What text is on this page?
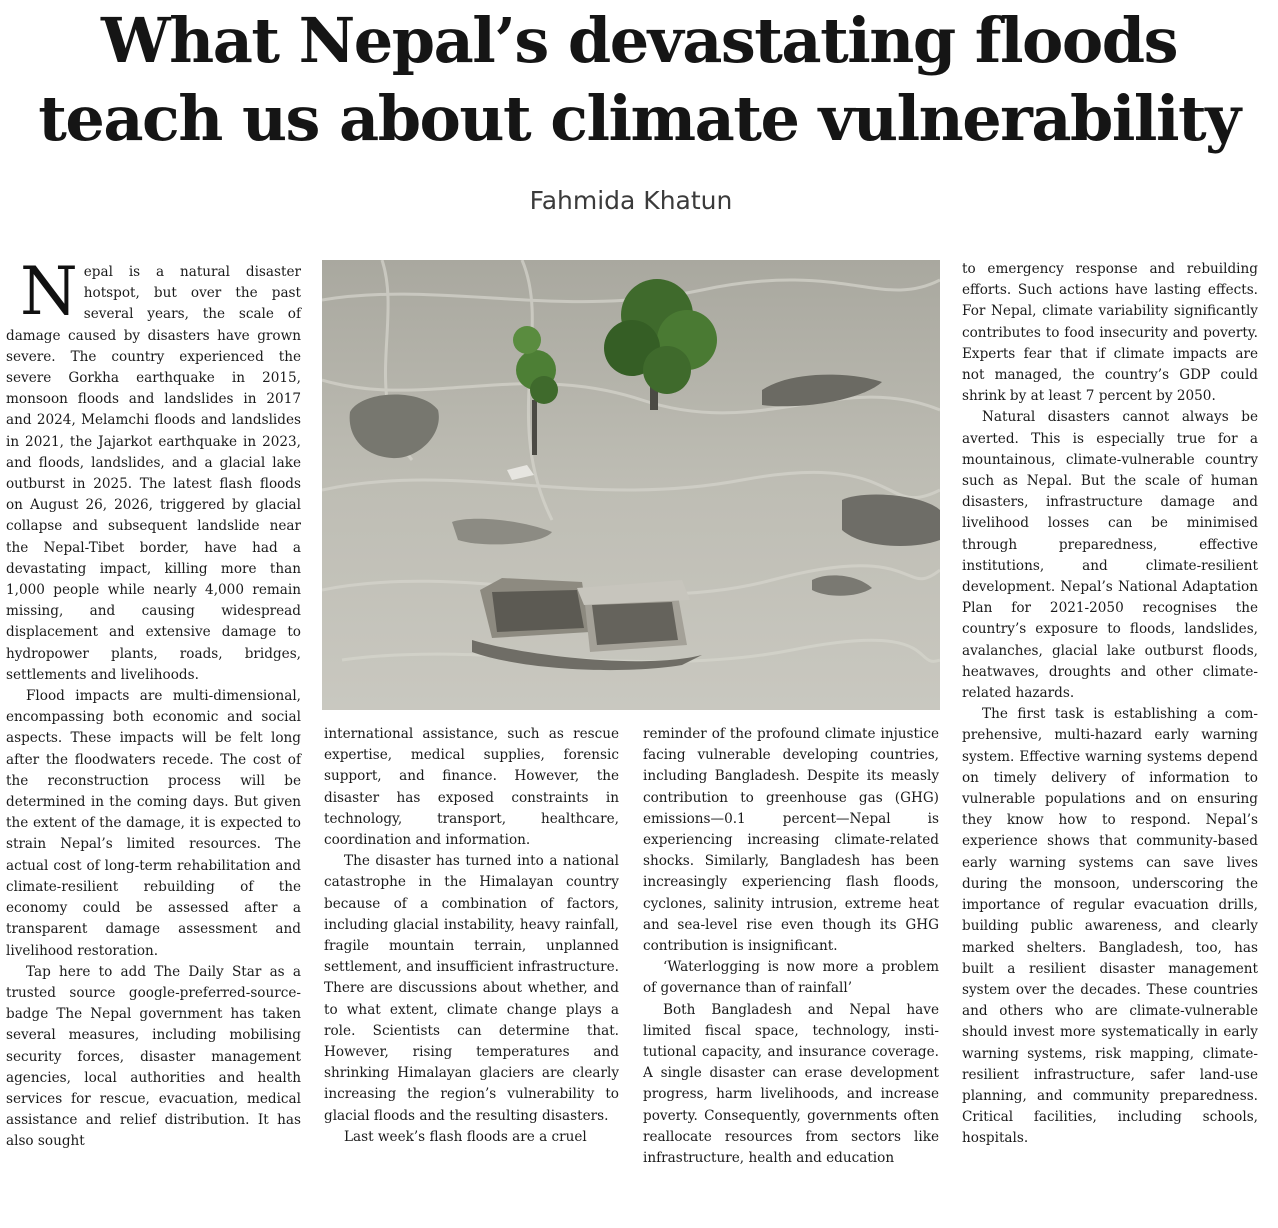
What Nepal’s devastating floods
teach us about climate vulnerability
Fahmida Khatun

Nepal is a natural disaster hotspot, but over the past several years, the scale of damage caused by disasters have grown severe. The country experienced the severe Gorkha earthquake in 2015, monsoon floods and landslides in 2017 and 2024, Melamchi floods and landslides in 2021, the Jajarkot earthquake in 2023, and floods, landslides, and a glacial lake outburst in 2025. The latest flash floods on August 26, 2026, triggered by glacial collapse and subsequent landslide near the Nepal-Tibet border, have had a devastating impact, killing more than 1,000 people while nearly 4,000 remain missing, and causing widespread displacement and extensive damage to hydropower plants, roads, bridges, settlements and livelihoods.

Flood impacts are multi-dimensional, encompassing both economic and social aspects. These impacts will be felt long after the floodwaters recede. The cost of the reconstruction process will be determined in the coming days. But given the extent of the damage, it is expected to strain Nepal’s limited resources. The actual cost of long-term rehabilitation and climate-resilient rebuilding of the economy could be assessed after a transparent damage assessment and livelihood restoration.

Tap here to add The Daily Star as a trusted source google-preferred-source-badge The Nepal government has taken several measures, including mobilising security forces, disaster management agencies, local authorities and health services for rescue, evacuation, medical assistance and relief distribution. It has also sought

international assistance, such as rescue expertise, medical supplies, forensic support, and finance. However, the disaster has exposed constraints in technology, transport, healthcare, coordination and information.

The disaster has turned into a national catastrophe in the Himalayan country because of a combination of factors, including glacial instability, heavy rainfall, fragile mountain terrain, unplanned settlement, and insufficient infrastructure. There are discussions about whether, and to what extent, climate change plays a role. Scientists can determine that. However, rising temperatures and shrinking Himalayan glaciers are clearly increasing the region’s vulnerability to glacial floods and the resulting disasters.

Last week’s flash floods are a cruel

reminder of the profound climate injustice facing vulnerable developing countries, including Bangladesh. Despite its measly contribution to greenhouse gas (GHG) emissions—0.1 percent—Nepal is experiencing increasing climate-related shocks. Similarly, Bangladesh has been increasingly experiencing flash floods, cyclones, salinity intrusion, extreme heat and sea-level rise even though its GHG contribution is insignificant.

‘Waterlogging is now more a problem of governance than of rainfall’

Both Bangladesh and Nepal have limited fiscal space, technology, institutional capacity, and insurance coverage. A single disaster can erase development progress, harm livelihoods, and increase poverty. Consequently, governments often reallocate resources from sectors like infrastructure, health and education

to emergency response and rebuilding efforts. Such actions have lasting effects. For Nepal, climate variability significantly contributes to food insecurity and poverty. Experts fear that if climate impacts are not managed, the country’s GDP could shrink by at least 7 percent by 2050.

Natural disasters cannot always be averted. This is especially true for a mountainous, climate-vulnerable country such as Nepal. But the scale of human disasters, infrastructure damage and livelihood losses can be minimised through preparedness, effective institutions, and climate-resilient development. Nepal’s National Adaptation Plan for 2021-2050 recognises the country’s exposure to floods, landslides, avalanches, glacial lake outburst floods, heatwaves, droughts and other climate-related hazards.

The first task is establishing a comprehensive, multi-hazard early warning system. Effective warning systems depend on timely delivery of information to vulnerable populations and on ensuring they know how to respond. Nepal’s experience shows that community-based early warning systems can save lives during the monsoon, underscoring the importance of regular evacuation drills, building public awareness, and clearly marked shelters. Bangladesh, too, has built a resilient disaster management system over the decades. These countries and others who are climate-vulnerable should invest more systematically in early warning systems, risk mapping, climate-resilient infrastructure, safer land-use planning, and community preparedness. Critical facilities, including schools, hospitals.
